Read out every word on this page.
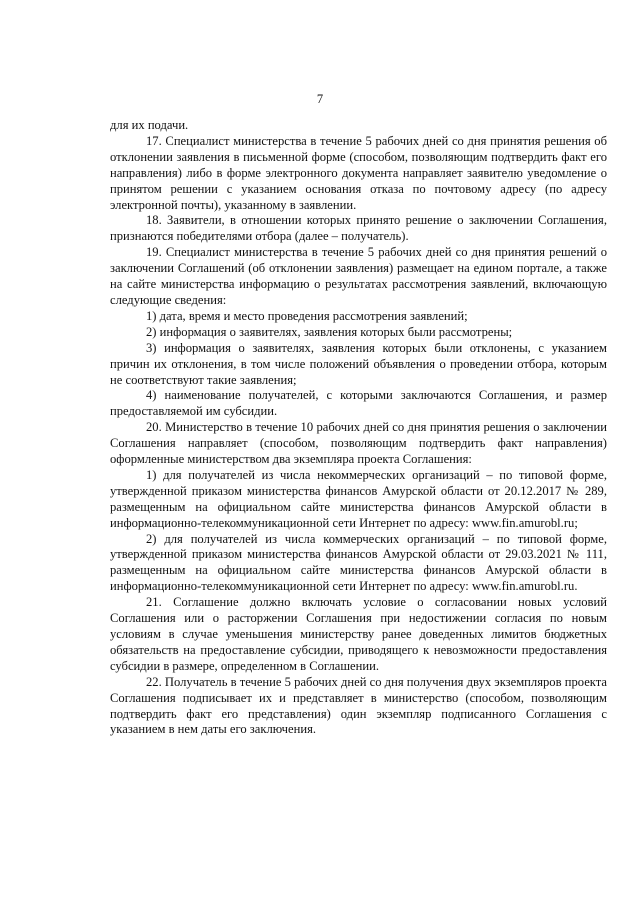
7

для их подачи.

17. Специалист министерства в течение 5 рабочих дней со дня принятия решения об отклонении заявления в письменной форме (способом, позволяющим подтвердить факт его направления) либо в форме электронного документа направляет заявителю уведомление о принятом решении с указанием основания отказа по почтовому адресу (по адресу электронной почты), указанному в заявлении.

18. Заявители, в отношении которых принято решение о заключении Соглашения, признаются победителями отбора (далее – получатель).

19. Специалист министерства в течение 5 рабочих дней со дня принятия решений о заключении Соглашений (об отклонении заявления) размещает на едином портале, а также на сайте министерства информацию о результатах рассмотрения заявлений, включающую следующие сведения:

1) дата, время и место проведения рассмотрения заявлений;

2) информация о заявителях, заявления которых были рассмотрены;

3) информация о заявителях, заявления которых были отклонены, с указанием причин их отклонения, в том числе положений объявления о проведении отбора, которым не соответствуют такие заявления;

4) наименование получателей, с которыми заключаются Соглашения, и размер предоставляемой им субсидии.

20. Министерство в течение 10 рабочих дней со дня принятия решения о заключении Соглашения направляет (способом, позволяющим подтвердить факт направления) оформленные министерством два экземпляра проекта Соглашения:

1) для получателей из числа некоммерческих организаций – по типовой форме, утвержденной приказом министерства финансов Амурской области от 20.12.2017 № 289, размещенным на официальном сайте министерства финансов Амурской области в информационно-телекоммуникационной сети Интернет по адресу: www.fin.amurobl.ru;

2) для получателей из числа коммерческих организаций – по типовой форме, утвержденной приказом министерства финансов Амурской области от 29.03.2021 № 111, размещенным на официальном сайте министерства финансов Амурской области в информационно-телекоммуникационной сети Интернет по адресу: www.fin.amurobl.ru.

21. Соглашение должно включать условие о согласовании новых условий Соглашения или о расторжении Соглашения при недостижении согласия по новым условиям в случае уменьшения министерству ранее доведенных лимитов бюджетных обязательств на предоставление субсидии, приводящего к невозможности предоставления субсидии в размере, определенном в Соглашении.

22. Получатель в течение 5 рабочих дней со дня получения двух экземпляров проекта Соглашения подписывает их и представляет в министерство (способом, позволяющим подтвердить факт его представления) один экземпляр подписанного Соглашения с указанием в нем даты его заключения.
